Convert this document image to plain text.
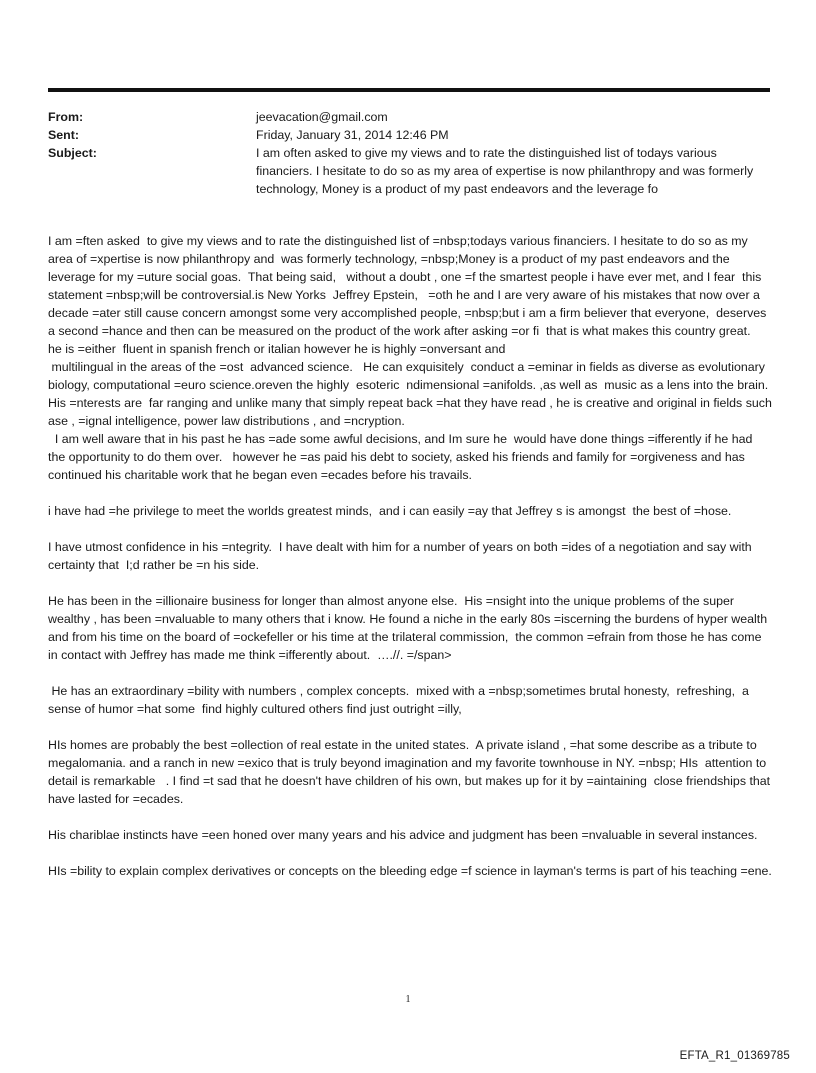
From:	jeevacation@gmail.com
Sent:	Friday, January 31, 2014 12:46 PM
Subject:	I am often asked to give my views and to rate the distinguished list of todays various financiers. I hesitate to do so as my area of expertise is now philanthropy and was formerly technology, Money is a product of my past endeavors and the leverage fo

I am =ften asked  to give my views and to rate the distinguished list of =nbsp;todays various financiers. I hesitate to do so as my area of =xpertise is now philanthropy and  was formerly technology, =nbsp;Money is a product of my past endeavors and the leverage for my =uture social goas.  That being said,   without a doubt , one =f the smartest people i have ever met, and I fear  this statement =nbsp;will be controversial.is New Yorks  Jeffrey Epstein,   =oth he and I are very aware of his mistakes that now over a decade =ater still cause concern amongst some very accomplished people, =nbsp;but i am a firm believer that everyone,  deserves a second =hance and then can be measured on the product of the work after asking =or fi  that is what makes this country great.

he is =either  fluent in spanish french or italian however he is highly =onversant and

multilingual in the areas of the =ost  advanced science.   He can exquisitely  conduct a =eminar in fields as diverse as evolutionary biology, computational =euro science.oreven the highly  esoteric  ndimensional =anifolds. ,as well as  music as a lens into the brain. His =nterests are  far ranging and unlike many that simply repeat back =hat they have read , he is creative and original in fields such ase , =ignal intelligence, power law distributions , and =ncryption.

I am well aware that in his past he has =ade some awful decisions, and Im sure he  would have done things =ifferently if he had the opportunity to do them over.   however he =as paid his debt to society, asked his friends and family for =orgiveness and has continued his charitable work that he began even =ecades before his travails.

i have had =he privilege to meet the worlds greatest minds,  and i can easily =ay that Jeffrey s is amongst  the best of =hose.

I have utmost confidence in his =ntegrity.  I have dealt with him for a number of years on both =ides of a negotiation and say with certainty that  I;d rather be =n his side.

He has been in the =illionaire business for longer than almost anyone else.  His =nsight into the unique problems of the super wealthy , has been =nvaluable to many others that i know. He found a niche in the early 80s =iscerning the burdens of hyper wealth and from his time on the board of =ockefeller or his time at the trilateral commission,  the common =efrain from those he has come in contact with Jeffrey has made me think =ifferently about.  ….//. =/span>

He has an extraordinary =bility with numbers , complex concepts.  mixed with a =nbsp;sometimes brutal honesty,  refreshing,  a sense of humor =hat some  find highly cultured others find just outright =illy,

HIs homes are probably the best =ollection of real estate in the united states.  A private island , =hat some describe as a tribute to megalomania. and a ranch in new =exico that is truly beyond imagination and my favorite townhouse in NY. =nbsp; HIs  attention to detail is remarkable   . I find =t sad that he doesn't have children of his own, but makes up for it by =aintaining  close friendships that have lasted for =ecades.

His chariblae instincts have =een honed over many years and his advice and judgment has been =nvaluable in several instances.

HIs =bility to explain complex derivatives or concepts on the bleeding edge =f science in layman's terms is part of his teaching =ene.

1
EFTA_R1_01369785
